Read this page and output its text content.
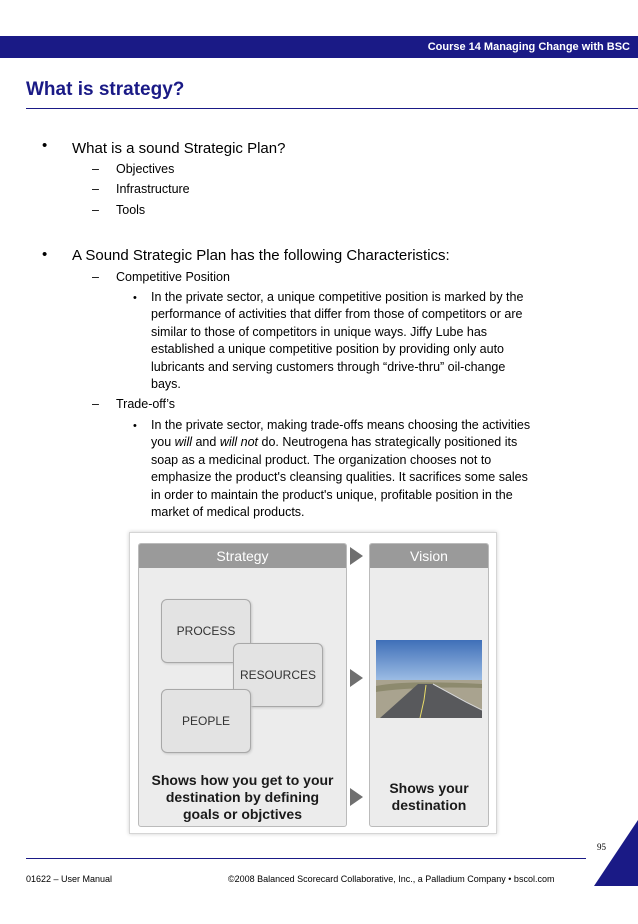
Course 14 Managing Change with BSC
What is strategy?
• What is a sound Strategic Plan?
– Objectives
– Infrastructure
– Tools
• A Sound Strategic Plan has the following Characteristics:
– Competitive Position
• In the private sector, a unique competitive position is marked by the
performance of activities that differ from those of competitors or are
similar to those of competitors in unique ways. Jiffy Lube has
established a unique competitive position by providing only auto
lubricants and serving customers through “drive-thru” oil-change
bays.
– Trade-off’s
• In the private sector, making trade-offs means choosing the activities
you will and will not do. Neutrogena has strategically positioned its
soap as a medicinal product. The organization chooses not to
emphasize the product's cleansing qualities. It sacrifices some sales
in order to maintain the product's unique, profitable position in the
market of medical products.
Strategy
PROCESS
RESOURCES
PEOPLE
Shows how you get to your
destination by defining
goals or objctives
Vision
Shows your
destination
95
01622 – User Manual	©2008 Balanced Scorecard Collaborative, Inc., a Palladium Company • bscol.com
